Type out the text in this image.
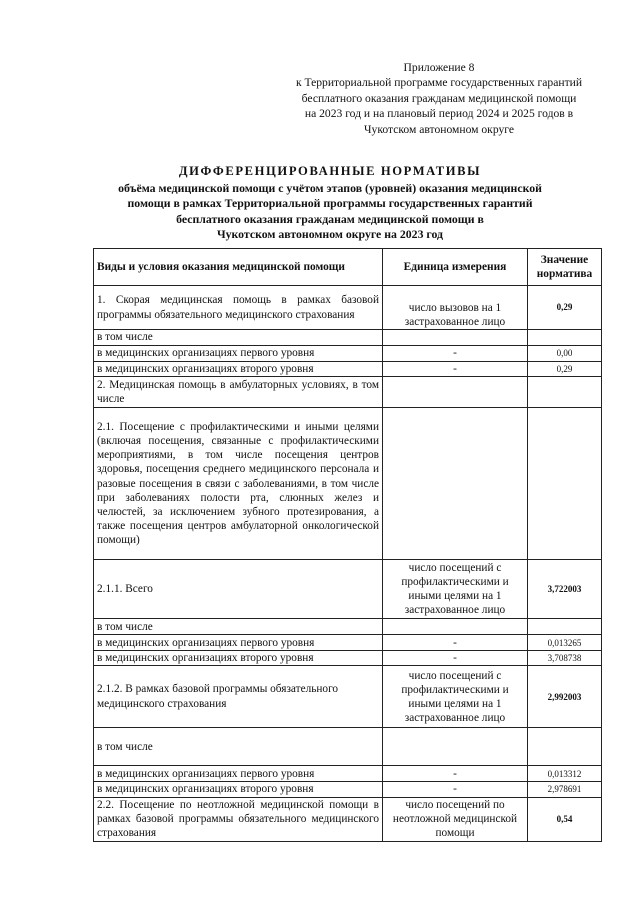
Приложение 8
к Территориальной программе государственных гарантий
бесплатного оказания гражданам медицинской помощи
на 2023 год и на плановый период 2024 и 2025 годов в
Чукотском автономном округе
ДИФФЕРЕНЦИРОВАННЫЕ НОРМАТИВЫ
объёма медицинской помощи с учётом этапов (уровней) оказания медицинской
помощи в рамках Территориальной программы государственных гарантий
бесплатного оказания гражданам медицинской помощи в
Чукотском автономном округе на 2023 год
Виды и условия оказания медицинской помощи	Единица измерения	Значение норматива
1. Скорая медицинская помощь в рамках базовой программы обязательного медицинского страхования	число вызовов на 1 застрахованное лицо	0,29
в том числе		
в медицинских организациях первого уровня	-	0,00
в медицинских организациях второго уровня	-	0,29
2. Медицинская помощь в амбулаторных условиях, в том числе		
2.1. Посещение с профилактическими и иными целями (включая посещения, связанные с профилактическими мероприятиями, в том числе посещения центров здоровья, посещения среднего медицинского персонала и разовые посещения в связи с заболеваниями, в том числе при заболеваниях полости рта, слюнных желез и челюстей, за исключением зубного протезирования, а также посещения центров амбулаторной онкологической помощи)		
2.1.1. Всего	число посещений с профилактическими и иными целями на 1 застрахованное лицо	3,722003
в том числе		
в медицинских организациях первого уровня	-	0,013265
в медицинских организациях второго уровня	-	3,708738
2.1.2. В рамках базовой программы обязательного медицинского страхования	число посещений с профилактическими и иными целями на 1 застрахованное лицо	2,992003
в том числе		
в медицинских организациях первого уровня	-	0,013312
в медицинских организациях второго уровня	-	2,978691
2.2. Посещение по неотложной медицинской помощи в рамках базовой программы обязательного медицинского страхования	число посещений по неотложной медицинской помощи	0,54
